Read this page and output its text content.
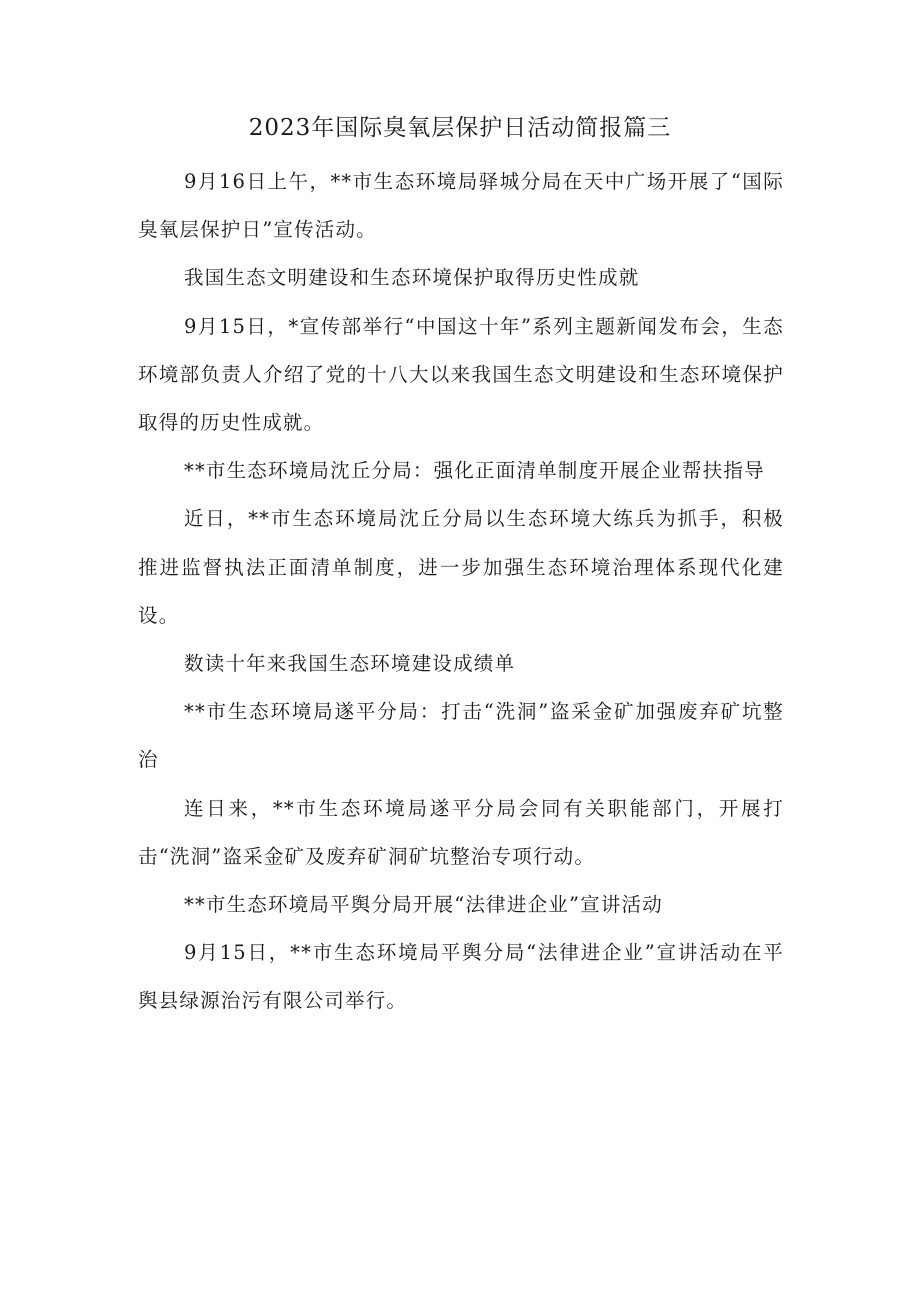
2023年国际臭氧层保护日活动简报篇三

9月16日上午，**市生态环境局驿城分局在天中广场开展了“国际臭氧层保护日”宣传活动。

我国生态文明建设和生态环境保护取得历史性成就

9月15日，*宣传部举行“中国这十年”系列主题新闻发布会，生态环境部负责人介绍了党的十八大以来我国生态文明建设和生态环境保护取得的历史性成就。

**市生态环境局沈丘分局：强化正面清单制度开展企业帮扶指导

近日，**市生态环境局沈丘分局以生态环境大练兵为抓手，积极推进监督执法正面清单制度，进一步加强生态环境治理体系现代化建设。

数读十年来我国生态环境建设成绩单

**市生态环境局遂平分局：打击“洗洞”盗采金矿加强废弃矿坑整治

连日来，**市生态环境局遂平分局会同有关职能部门，开展打击“洗洞”盗采金矿及废弃矿洞矿坑整治专项行动。

**市生态环境局平舆分局开展“法律进企业”宣讲活动

9月15日，**市生态环境局平舆分局“法律进企业”宣讲活动在平舆县绿源治污有限公司举行。
